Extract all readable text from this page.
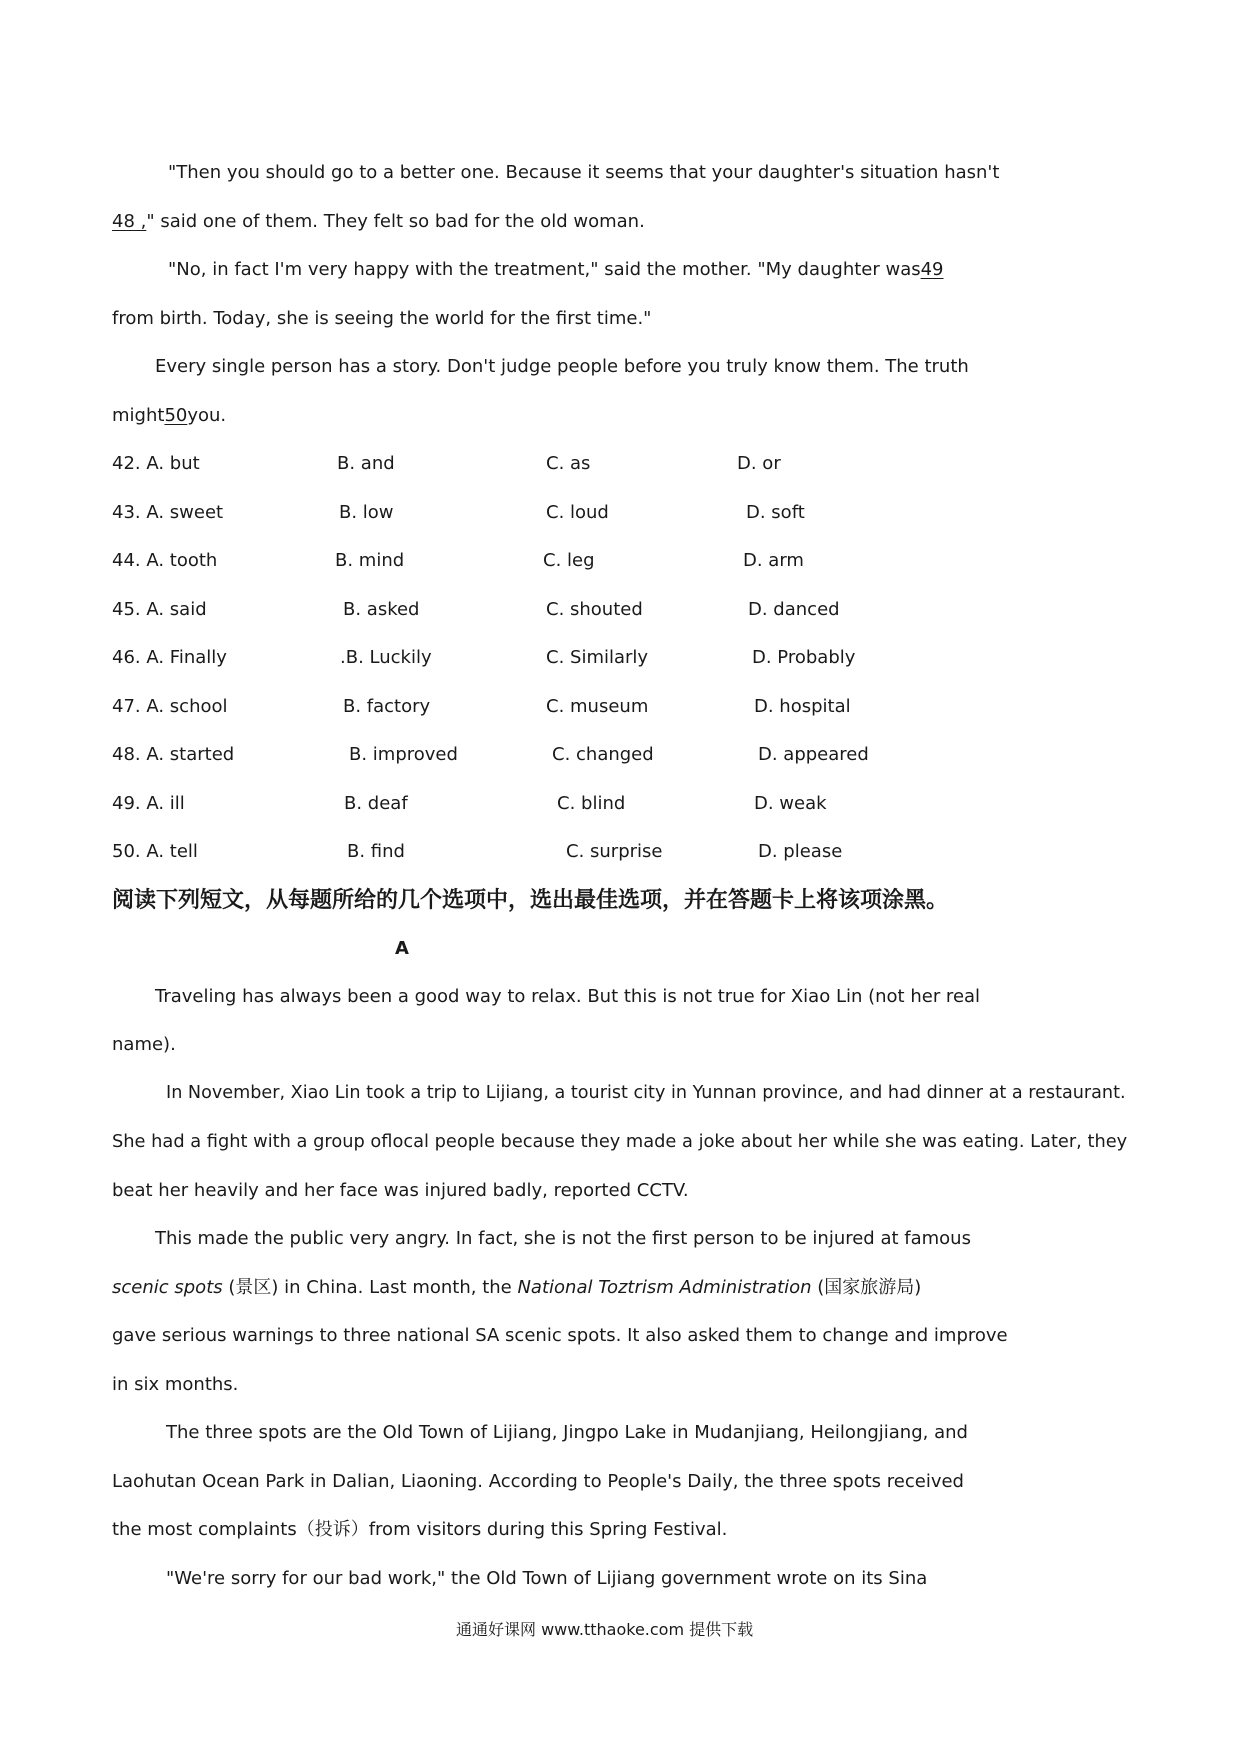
"Then you should go to a better one. Because it seems that your daughter's situation hasn't
48 ," said one of them. They felt so bad for the old woman.
"No, in fact I'm very happy with the treatment," said the mother. "My daughter was49
from birth. Today, she is seeing the world for the first time."
Every single person has a story. Don't judge people before you truly know them. The truth
might50you.
42. A. but	B. and	C. as	D. or
43. A. sweet	B. low	C. loud	D. soft
44. A. tooth	B. mind	C. leg	D. arm
45. A. said	B. asked	C. shouted	D. danced
46. A. Finally	.B. Luckily	C. Similarly	D. Probably
47. A. school	B. factory	C. museum	D. hospital
48. A. started	B. improved	C. changed	D. appeared
49. A. ill	B. deaf	C. blind	D. weak
50. A. tell	B. find	C. surprise	D. please
阅读下列短文，从每题所给的几个选项中，选出最佳选项，并在答题卡上将该项涂黑。
A
Traveling has always been a good way to relax. But this is not true for Xiao Lin (not her real
name).
In November, Xiao Lin took a trip to Lijiang, a tourist city in Yunnan province, and had dinner at a restaurant.
She had a fight with a group oflocal people because they made a joke about her while she was eating. Later, they
beat her heavily and her face was injured badly, reported CCTV.
This made the public very angry. In fact, she is not the first person to be injured at famous
scenic spots (景区) in China. Last month, the National Toztrism Administration (国家旅游局)
gave serious warnings to three national SA scenic spots. It also asked them to change and improve
in six months.
The three spots are the Old Town of Lijiang, Jingpo Lake in Mudanjiang, Heilongjiang, and
Laohutan Ocean Park in Dalian, Liaoning. According to People's Daily, the three spots received
the most complaints（投诉）from visitors during this Spring Festival.
"We're sorry for our bad work," the Old Town of Lijiang government wrote on its Sina
通通好课网 www.tthaoke.com 提供下载
